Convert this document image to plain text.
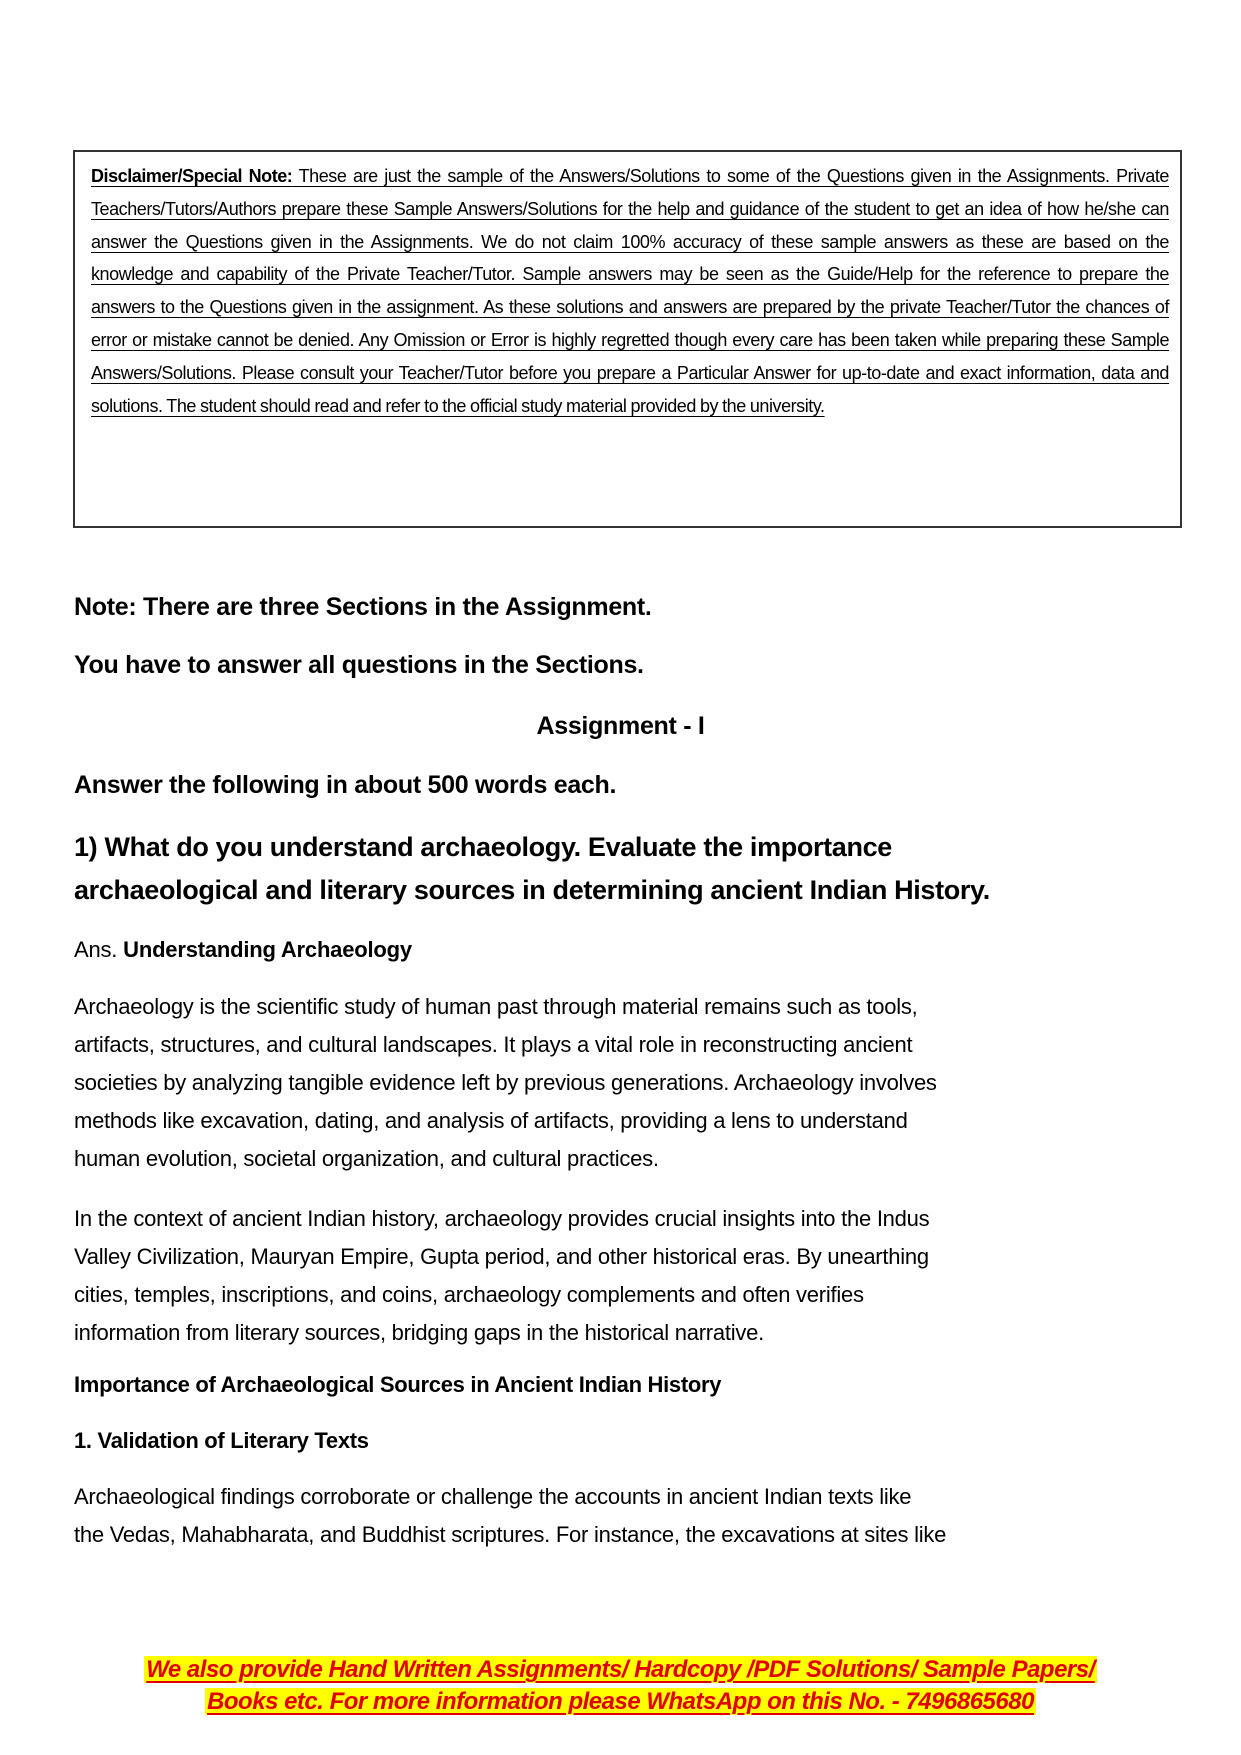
Disclaimer/Special Note: These are just the sample of the Answers/Solutions to some of the Questions given in the Assignments. Private Teachers/Tutors/Authors prepare these Sample Answers/Solutions for the help and guidance of the student to get an idea of how he/she can answer the Questions given in the Assignments. We do not claim 100% accuracy of these sample answers as these are based on the knowledge and capability of the Private Teacher/Tutor. Sample answers may be seen as the Guide/Help for the reference to prepare the answers to the Questions given in the assignment. As these solutions and answers are prepared by the private Teacher/Tutor the chances of error or mistake cannot be denied. Any Omission or Error is highly regretted though every care has been taken while preparing these Sample Answers/Solutions. Please consult your Teacher/Tutor before you prepare a Particular Answer for up-to-date and exact information, data and solutions. The student should read and refer to the official study material provided by the university.
Note: There are three Sections in the Assignment.
You have to answer all questions in the Sections.
Assignment - I
Answer the following in about 500 words each.
1) What do you understand archaeology. Evaluate the importance
archaeological and literary sources in determining ancient Indian History.
Ans. Understanding Archaeology
Archaeology is the scientific study of human past through material remains such as tools,
artifacts, structures, and cultural landscapes. It plays a vital role in reconstructing ancient
societies by analyzing tangible evidence left by previous generations. Archaeology involves
methods like excavation, dating, and analysis of artifacts, providing a lens to understand
human evolution, societal organization, and cultural practices.
In the context of ancient Indian history, archaeology provides crucial insights into the Indus
Valley Civilization, Mauryan Empire, Gupta period, and other historical eras. By unearthing
cities, temples, inscriptions, and coins, archaeology complements and often verifies
information from literary sources, bridging gaps in the historical narrative.
Importance of Archaeological Sources in Ancient Indian History
1. Validation of Literary Texts
Archaeological findings corroborate or challenge the accounts in ancient Indian texts like
the Vedas, Mahabharata, and Buddhist scriptures. For instance, the excavations at sites like
We also provide Hand Written Assignments/ Hardcopy /PDF Solutions/ Sample Papers/
Books etc. For more information please WhatsApp on this No. - 7496865680
